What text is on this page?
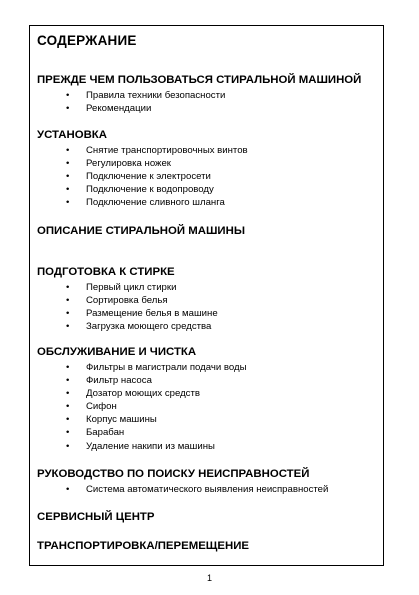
СОДЕРЖАНИЕ
ПРЕЖДЕ ЧЕМ ПОЛЬЗОВАТЬСЯ СТИРАЛЬНОЙ МАШИНОЙ
• Правила техники безопасности
• Рекомендации
УСТАНОВКА
• Снятие транспортировочных винтов
• Регулировка ножек
• Подключение к электросети
• Подключение к водопроводу
• Подключение сливного шланга
ОПИСАНИЕ СТИРАЛЬНОЙ МАШИНЫ
ПОДГОТОВКА К СТИРКЕ
• Первый цикл стирки
• Сортировка белья
• Размещение белья в машине
• Загрузка моющего средства
ОБСЛУЖИВАНИЕ И ЧИСТКА
• Фильтры в магистрали подачи воды
• Фильтр насоса
• Дозатор моющих средств
• Сифон
• Корпус машины
• Барабан
• Удаление накипи из машины
РУКОВОДСТВО ПО ПОИСКУ НЕИСПРАВНОСТЕЙ
• Система автоматического выявления неисправностей
СЕРВИСНЫЙ ЦЕНТР
ТРАНСПОРТИРОВКА/ПЕРЕМЕЩЕНИЕ
1
